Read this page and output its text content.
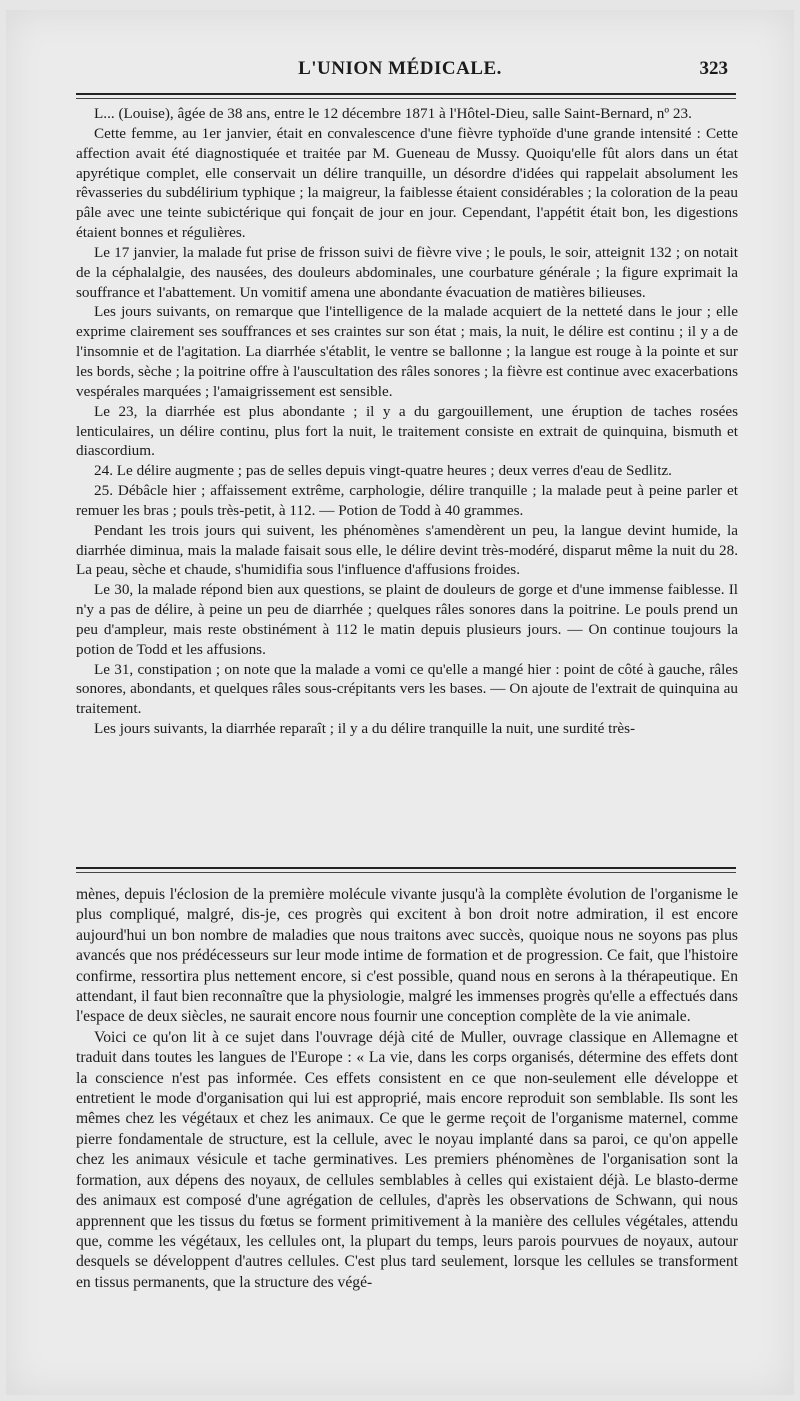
L'UNION MÉDICALE.	323

L... (Louise), âgée de 38 ans, entre le 12 décembre 1871 à l'Hôtel-Dieu, salle Saint-Bernard, nº 23.

Cette femme, au 1er janvier, était en convalescence d'une fièvre typhoïde d'une grande intensité : Cette affection avait été diagnostiquée et traitée par M. Gueneau de Mussy. Quoiqu'elle fût alors dans un état apyrétique complet, elle conservait un délire tranquille, un désordre d'idées qui rappelait absolument les rêvasseries du subdélirium typhique ; la maigreur, la faiblesse étaient considérables ; la coloration de la peau pâle avec une teinte subictérique qui fonçait de jour en jour. Cependant, l'appétit était bon, les digestions étaient bonnes et régulières.

Le 17 janvier, la malade fut prise de frisson suivi de fièvre vive ; le pouls, le soir, atteignit 132 ; on notait de la céphalalgie, des nausées, des douleurs abdominales, une courbature générale ; la figure exprimait la souffrance et l'abattement. Un vomitif amena une abondante évacuation de matières bilieuses.

Les jours suivants, on remarque que l'intelligence de la malade acquiert de la netteté dans le jour ; elle exprime clairement ses souffrances et ses craintes sur son état ; mais, la nuit, le délire est continu ; il y a de l'insomnie et de l'agitation. La diarrhée s'établit, le ventre se ballonne ; la langue est rouge à la pointe et sur les bords, sèche ; la poitrine offre à l'auscultation des râles sonores ; la fièvre est continue avec exacerbations vespérales marquées ; l'amaigrissement est sensible.

Le 23, la diarrhée est plus abondante ; il y a du gargouillement, une éruption de taches rosées lenticulaires, un délire continu, plus fort la nuit, le traitement consiste en extrait de quinquina, bismuth et diascordium.

24. Le délire augmente ; pas de selles depuis vingt-quatre heures ; deux verres d'eau de Sedlitz.

25. Débâcle hier ; affaissement extrême, carphologie, délire tranquille ; la malade peut à peine parler et remuer les bras ; pouls très-petit, à 112. — Potion de Todd à 40 grammes.

Pendant les trois jours qui suivent, les phénomènes s'amendèrent un peu, la langue devint humide, la diarrhée diminua, mais la malade faisait sous elle, le délire devint très-modéré, disparut même la nuit du 28. La peau, sèche et chaude, s'humidifia sous l'influence d'affusions froides.

Le 30, la malade répond bien aux questions, se plaint de douleurs de gorge et d'une immense faiblesse. Il n'y a pas de délire, à peine un peu de diarrhée ; quelques râles sonores dans la poitrine. Le pouls prend un peu d'ampleur, mais reste obstinément à 112 le matin depuis plusieurs jours. — On continue toujours la potion de Todd et les affusions.

Le 31, constipation ; on note que la malade a vomi ce qu'elle a mangé hier : point de côté à gauche, râles sonores, abondants, et quelques râles sous-crépitants vers les bases. — On ajoute de l'extrait de quinquina au traitement.

Les jours suivants, la diarrhée reparaît ; il y a du délire tranquille la nuit, une surdité très-

mènes, depuis l'éclosion de la première molécule vivante jusqu'à la complète évolution de l'organisme le plus compliqué, malgré, dis-je, ces progrès qui excitent à bon droit notre admiration, il est encore aujourd'hui un bon nombre de maladies que nous traitons avec succès, quoique nous ne soyons pas plus avancés que nos prédécesseurs sur leur mode intime de formation et de progression. Ce fait, que l'histoire confirme, ressortira plus nettement encore, si c'est possible, quand nous en serons à la thérapeutique. En attendant, il faut bien reconnaître que la physiologie, malgré les immenses progrès qu'elle a effectués dans l'espace de deux siècles, ne saurait encore nous fournir une conception complète de la vie animale.

Voici ce qu'on lit à ce sujet dans l'ouvrage déjà cité de Muller, ouvrage classique en Allemagne et traduit dans toutes les langues de l'Europe : « La vie, dans les corps organisés, détermine des effets dont la conscience n'est pas informée. Ces effets consistent en ce que non-seulement elle développe et entretient le mode d'organisation qui lui est approprié, mais encore reproduit son semblable. Ils sont les mêmes chez les végétaux et chez les animaux. Ce que le germe reçoit de l'organisme maternel, comme pierre fondamentale de structure, est la cellule, avec le noyau implanté dans sa paroi, ce qu'on appelle chez les animaux vésicule et tache germinatives. Les premiers phénomènes de l'organisation sont la formation, aux dépens des noyaux, de cellules semblables à celles qui existaient déjà. Le blasto-derme des animaux est composé d'une agrégation de cellules, d'après les observations de Schwann, qui nous apprennent que les tissus du fœtus se forment primitivement à la manière des cellules végétales, attendu que, comme les végétaux, les cellules ont, la plupart du temps, leurs parois pourvues de noyaux, autour desquels se développent d'autres cellules. C'est plus tard seulement, lorsque les cellules se transforment en tissus permanents, que la structure des végé-
